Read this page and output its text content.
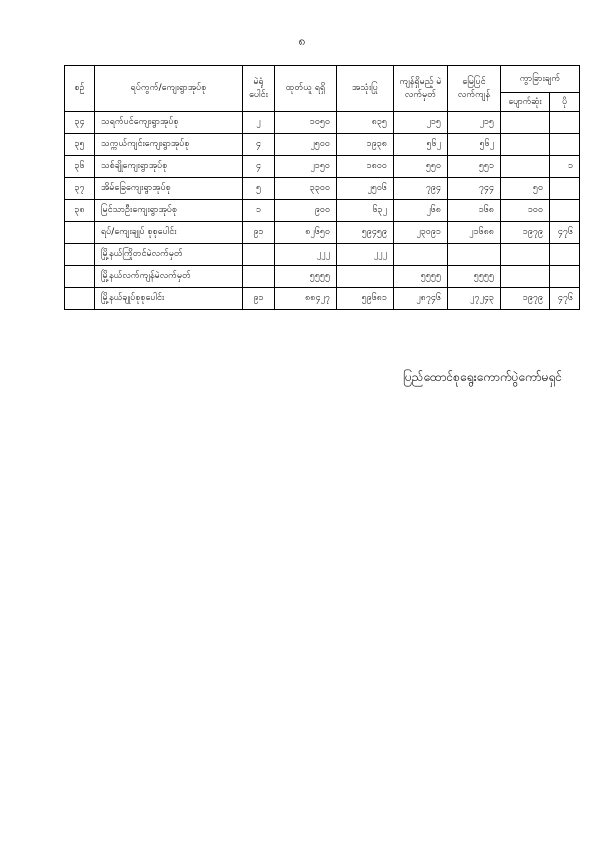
၈
စဉ်	ရပ်ကွက်/ကျေးရွာအုပ်စု	မဲရုံ ပေါင်း	ထုတ်ယူ ရရှိ	အသုံးပြု	ကျန်ရှိမည့် မဲလက်မှတ်	မြေပြင် လက်ကျန်	ကွာခြားချက်	
							ပျောက်ဆုံး	ပို
၃၄	သရက်ပင်ကျေးရွာအုပ်စု	၂	၁၀၅၀	၈၃၅	၂၁၅	၂၁၅		
၃၅	သက္ကယ်ကျင်းကျေးရွာအုပ်စု	၄	၂၅၀၀	၁၉၃၈	၅၆၂	၅၆၂		
၃၆	သစ်ချိုကျေးရွာအုပ်စု	၄	၂၁၅၀	၁၈၀၀	၅၅၀	၅၅၁		၁
၃၇	အိမ်ခြေကျေးရွာအုပ်စု	၅	၃၃၀၀	၂၅၀၆	၇၉၄	၇၄၄	၅၀	
၃၈	မြင်သာဦးကျေးရွာအုပ်စု	၁	၉၀၀	၆၃၂	၂၆၈	၁၆၈	၁၀၀	
	ရပ်/ကျေးချုပ် စုစုပေါင်း	၉၁	၈၂၆၅၀	၅၉၄၅၉	၂၃၀၉၁	၂၁၆၈၈	၁၉၇၉	၄၇၆
	မြို့နယ်ကြိုတင်မဲလက်မှတ်		၂၂၂	၂၂၂				
	မြို့နယ်လက်ကျန်မဲလက်မှတ်		၅၅၅၅		၅၅၅၅	၅၅၅၅		
	မြို့နယ်ချုပ်စုစုပေါင်း	၉၁	၈၈၄၂၇	၅၉၆၈၁	၂၈၇၄၆	၂၇၂၄၃	၁၉၇၉	၄၇၆
ပြည်ထောင်စုရွေးကောက်ပွဲကော်မရှင်
